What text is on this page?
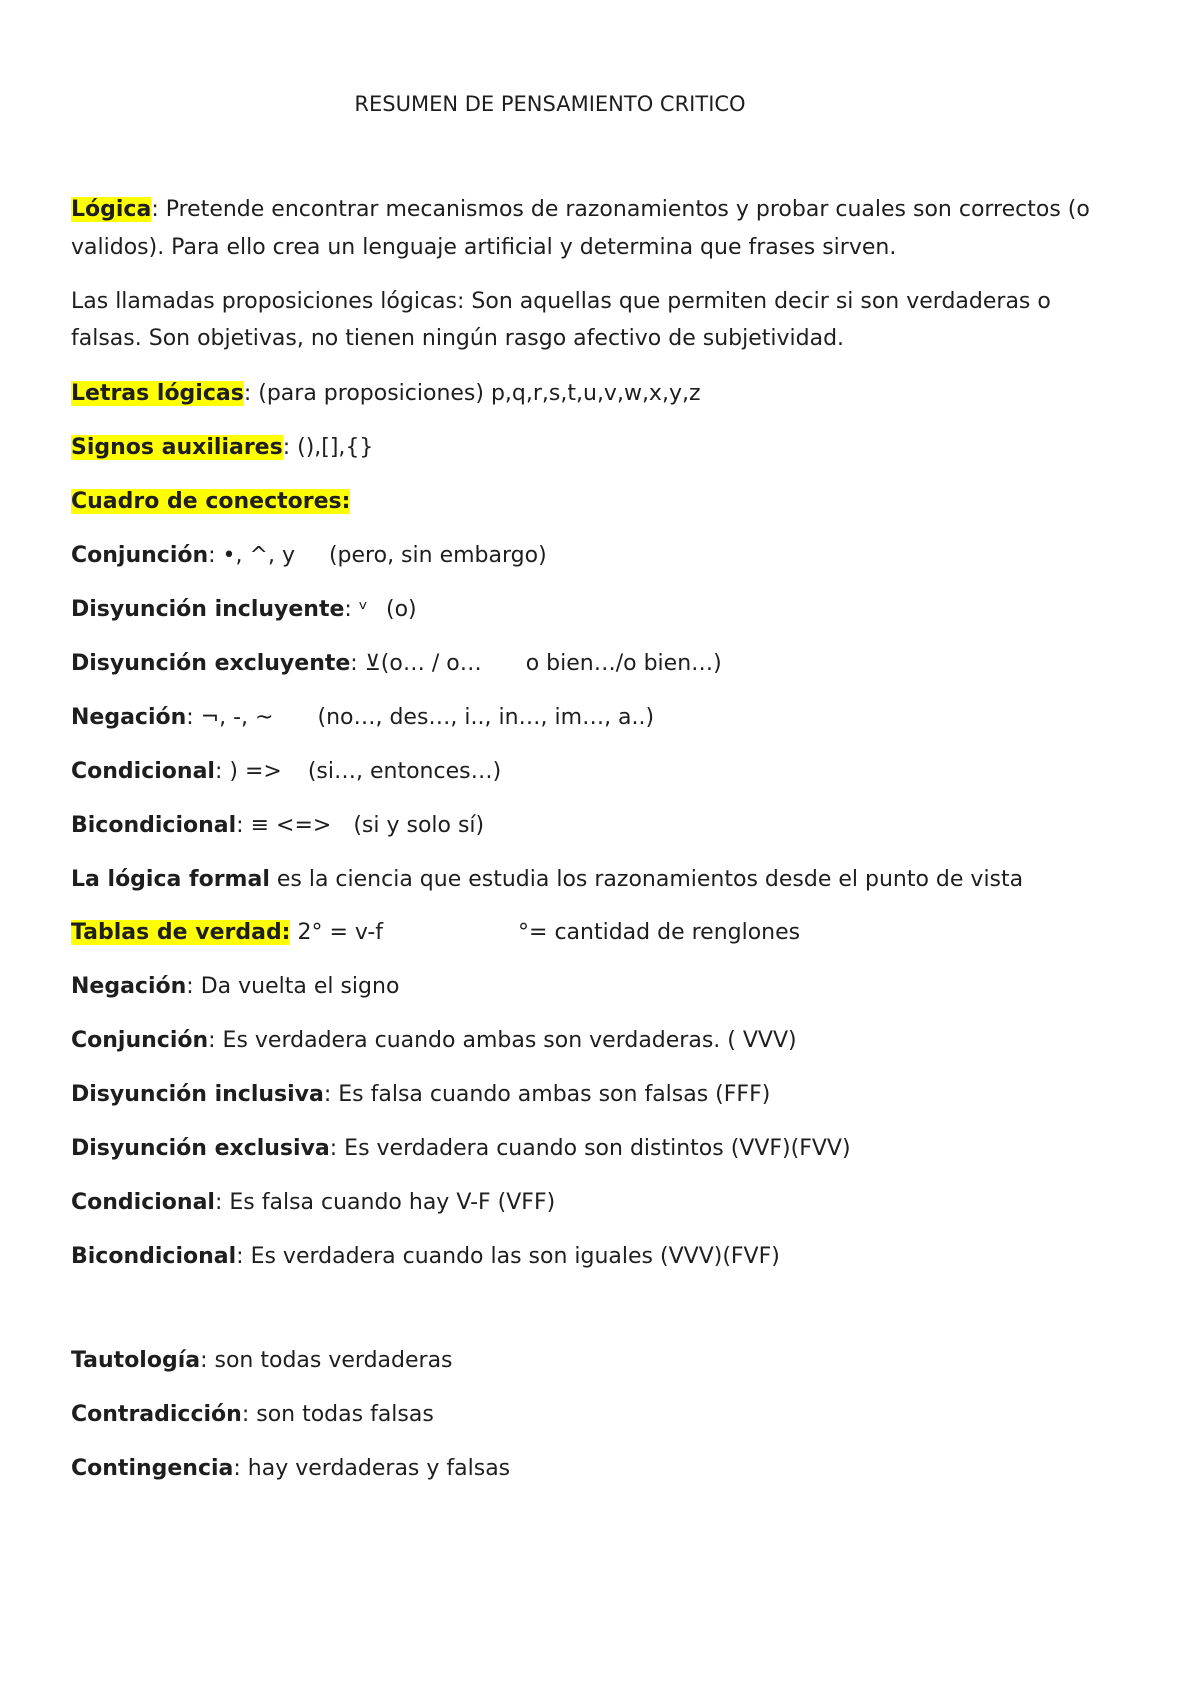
RESUMEN DE PENSAMIENTO CRITICO
Lógica: Pretende encontrar mecanismos de razonamientos y probar cuales son correctos (o
validos). Para ello crea un lenguaje artificial y determina que frases sirven.
Las llamadas proposiciones lógicas: Son aquellas que permiten decir si son verdaderas o
falsas. Son objetivas, no tienen ningún rasgo afectivo de subjetividad.
Letras lógicas: (para proposiciones) p,q,r,s,t,u,v,w,x,y,z
Signos auxiliares: (),[],{}
Cuadro de conectores:
Conjunción: •, ^, y (pero, sin embargo)
Disyunción incluyente: ᵛ (o)
Disyunción excluyente: ⊻(o… / o… o bien…/o bien…)
Negación: ¬, -, ~ (no…, des…, i.., in…, im…, a..)
Condicional: ) => (si…, entonces…)
Bicondicional: ≡ <=> (si y solo sí)
La lógica formal es la ciencia que estudia los razonamientos desde el punto de vista
Tablas de verdad: 2° = v-f	°= cantidad de renglones
Negación: Da vuelta el signo
Conjunción: Es verdadera cuando ambas son verdaderas. ( VVV)
Disyunción inclusiva: Es falsa cuando ambas son falsas (FFF)
Disyunción exclusiva: Es verdadera cuando son distintos (VVF)(FVV)
Condicional: Es falsa cuando hay V-F (VFF)
Bicondicional: Es verdadera cuando las son iguales (VVV)(FVF)
Tautología: son todas verdaderas
Contradicción: son todas falsas
Contingencia: hay verdaderas y falsas
